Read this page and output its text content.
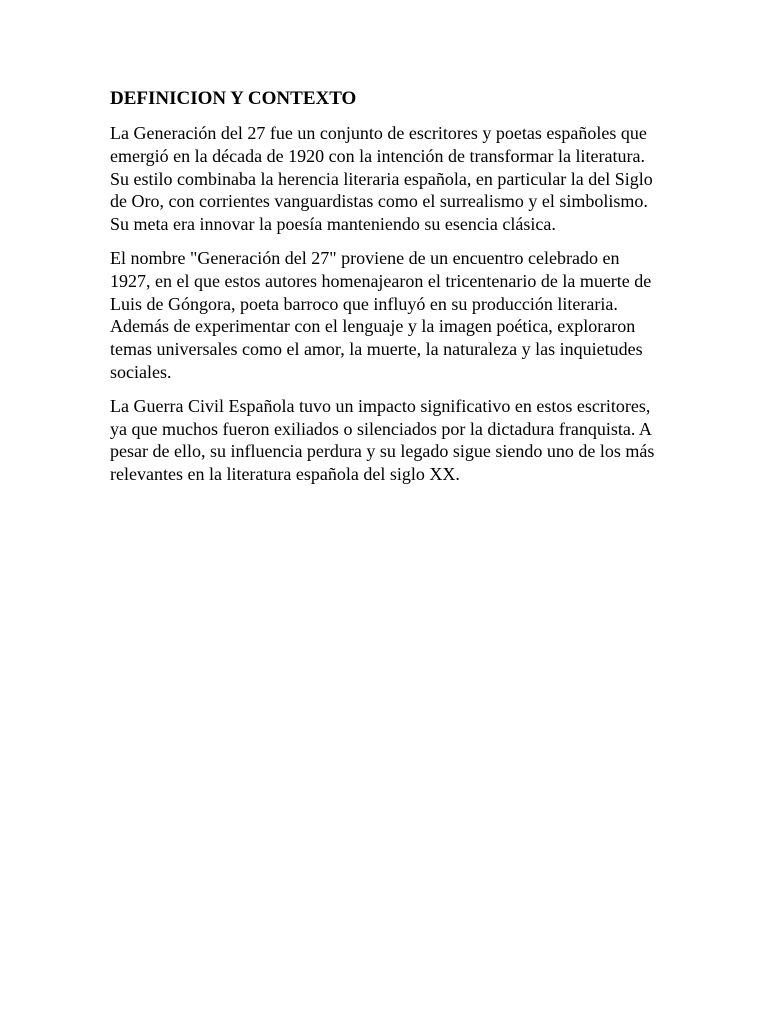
DEFINICION Y CONTEXTO

La Generación del 27 fue un conjunto de escritores y poetas españoles que emergió en la década de 1920 con la intención de transformar la literatura. Su estilo combinaba la herencia literaria española, en particular la del Siglo de Oro, con corrientes vanguardistas como el surrealismo y el simbolismo. Su meta era innovar la poesía manteniendo su esencia clásica.

El nombre "Generación del 27" proviene de un encuentro celebrado en 1927, en el que estos autores homenajearon el tricentenario de la muerte de Luis de Góngora, poeta barroco que influyó en su producción literaria. Además de experimentar con el lenguaje y la imagen poética, exploraron temas universales como el amor, la muerte, la naturaleza y las inquietudes sociales.

La Guerra Civil Española tuvo un impacto significativo en estos escritores, ya que muchos fueron exiliados o silenciados por la dictadura franquista. A pesar de ello, su influencia perdura y su legado sigue siendo uno de los más relevantes en la literatura española del siglo XX.
